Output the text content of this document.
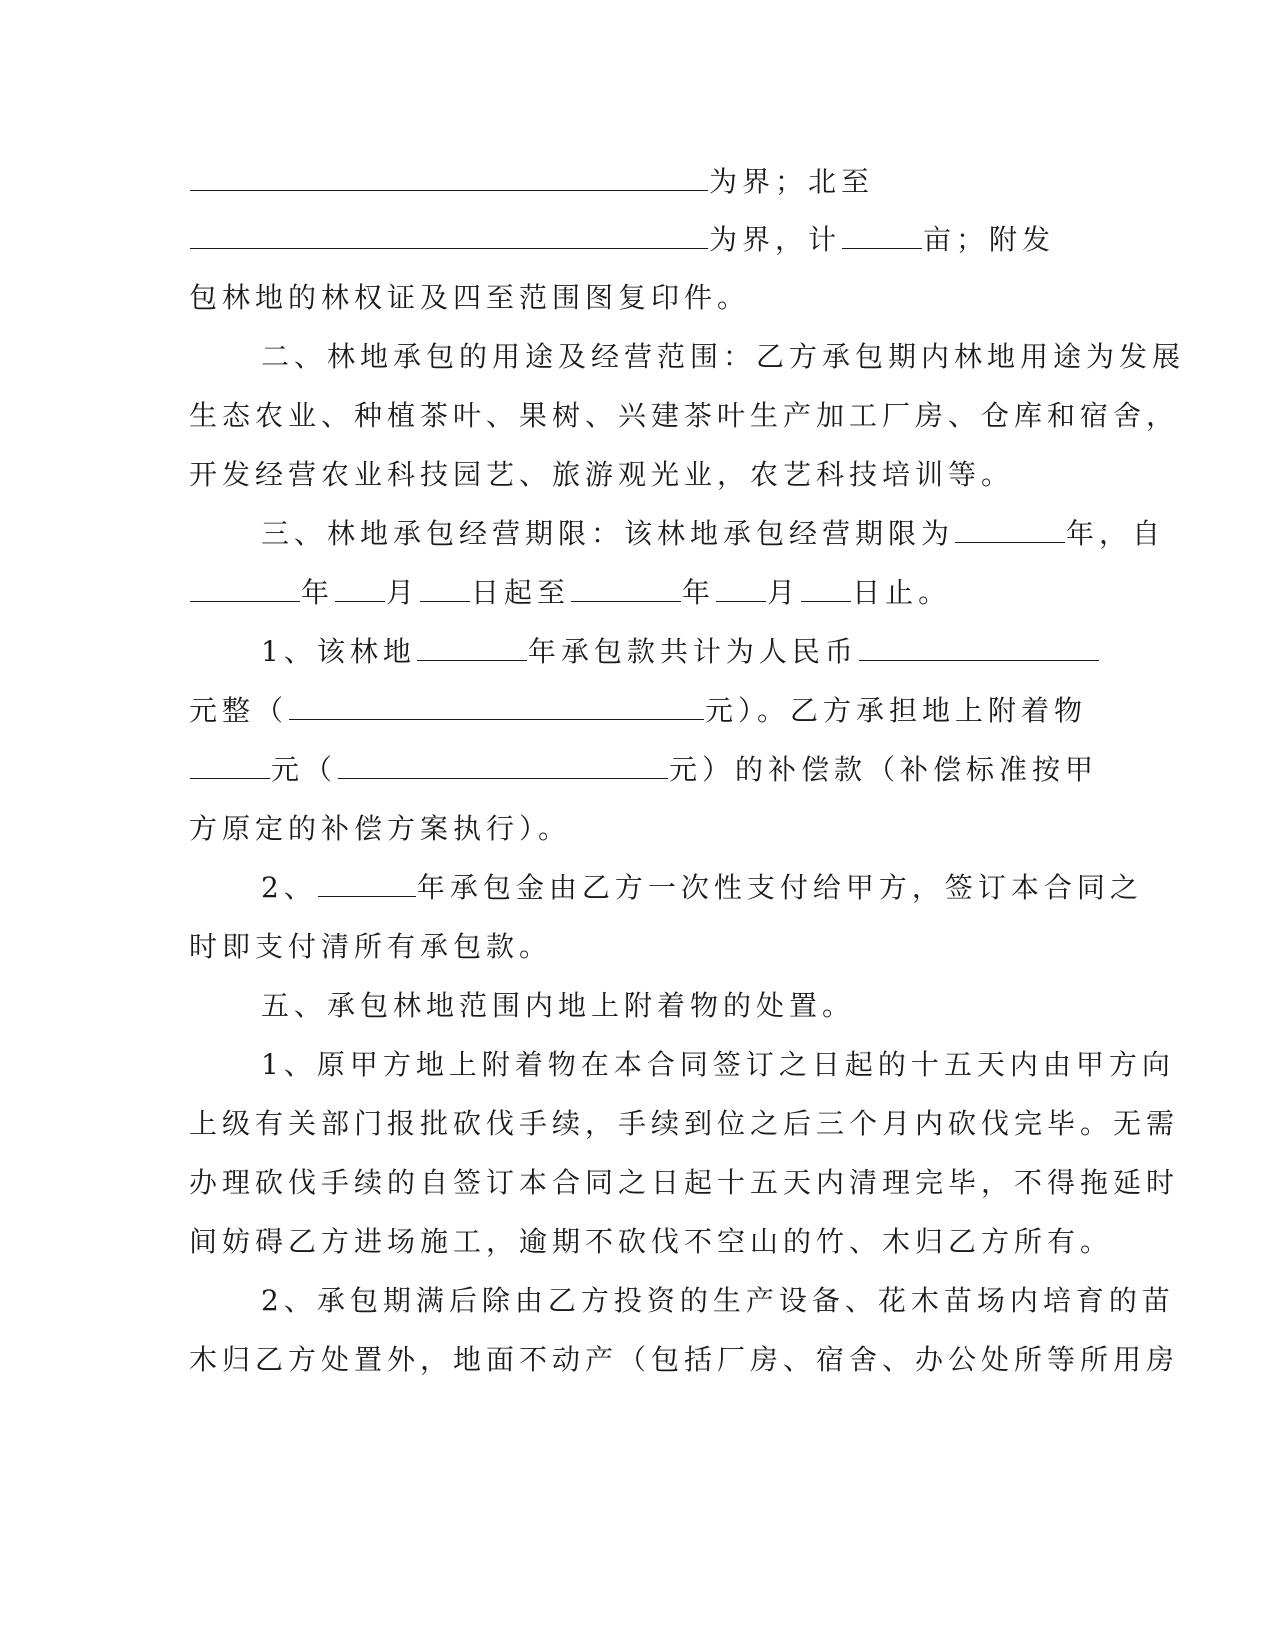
为界；北至
为界，计	亩；附发
包林地的林权证及四至范围图复印件。
二、林地承包的用途及经营范围：乙方承包期内林地用途为发展
生态农业、种植茶叶、果树、兴建茶叶生产加工厂房、仓库和宿舍，
开发经营农业科技园艺、旅游观光业，农艺科技培训等。
三、林地承包经营期限：该林地承包经营期限为	年，自
年 月 日起至	年 月 日止。
1、该林地	年承包款共计为人民币
元整（	元）。乙方承担地上附着物
元（	元）的补偿款（补偿标准按甲
方原定的补偿方案执行）。
2、	年承包金由乙方一次性支付给甲方，签订本合同之
时即支付清所有承包款。
五、承包林地范围内地上附着物的处置。
1、原甲方地上附着物在本合同签订之日起的十五天内由甲方向
上级有关部门报批砍伐手续，手续到位之后三个月内砍伐完毕。无需
办理砍伐手续的自签订本合同之日起十五天内清理完毕，不得拖延时
间妨碍乙方进场施工，逾期不砍伐不空山的竹、木归乙方所有。
2、承包期满后除由乙方投资的生产设备、花木苗场内培育的苗
木归乙方处置外，地面不动产（包括厂房、宿舍、办公处所等所用房
